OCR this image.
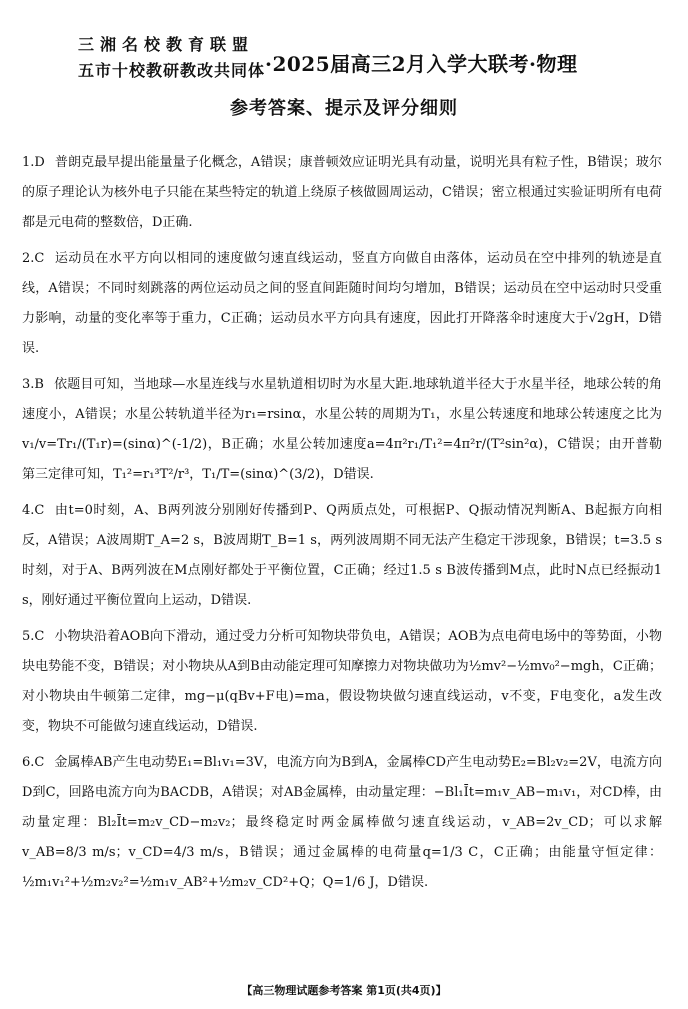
三湘名校教育联盟
五市十校教研教改共同体 ·2025届高三2月入学大联考·物理
参考答案、提示及评分细则
1.D 普朗克最早提出能量量子化概念，A错误；康普顿效应证明光具有动量，说明光具有粒子性，B错误；玻尔的原子理论认为核外电子只能在某些特定的轨道上绕原子核做圆周运动，C错误；密立根通过实验证明所有电荷都是元电荷的整数倍，D正确.
2.C 运动员在水平方向以相同的速度做匀速直线运动，竖直方向做自由落体，运动员在空中排列的轨迹是直线，A错误；不同时刻跳落的两位运动员之间的竖直间距随时间均匀增加，B错误；运动员在空中运动时只受重力影响，动量的变化率等于重力，C正确；运动员水平方向具有速度，因此打开降落伞时速度大于√2gH，D错误.
3.B 依题目可知，当地球—水星连线与水星轨道相切时为水星大距.地球轨道半径大于水星半径，地球公转的角速度小，A错误；水星公转轨道半径为r₁=rsinα，水星公转的周期为T₁，水星公转速度和地球公转速度之比为v₁/v=Tr₁/(T₁r)=(sinα)^(-1/2)，B正确；水星公转加速度a=4π²r₁/T₁²=4π²r/(T²sin²α)，C错误；由开普勒第三定律可知，T₁²=r₁³T²/r³，T₁/T=(sinα)^(3/2)，D错误.
4.C 由t=0时刻，A、B两列波分别刚好传播到P、Q两质点处，可根据P、Q振动情况判断A、B起振方向相反，A错误；A波周期T_A=2 s，B波周期T_B=1 s，两列波周期不同无法产生稳定干涉现象，B错误；t=3.5 s时刻，对于A、B两列波在M点刚好都处于平衡位置，C正确；经过1.5 s B波传播到M点，此时N点已经振动1 s，刚好通过平衡位置向上运动，D错误.
5.C 小物块沿着AOB向下滑动，通过受力分析可知物块带负电，A错误；AOB为点电荷电场中的等势面，小物块电势能不变，B错误；对小物块从A到B由动能定理可知摩擦力对物块做功为½mv²−½mv₀²−mgh，C正确；对小物块由牛顿第二定律，mg−μ(qBv+F电)=ma，假设物块做匀速直线运动，v不变，F电变化，a发生改变，物块不可能做匀速直线运动，D错误.
6.C 金属棒AB产生电动势E₁=Bl₁v₁=3V，电流方向为B到A，金属棒CD产生电动势E₂=Bl₂v₂=2V，电流方向D到C，回路电流方向为BACDB，A错误；对AB金属棒，由动量定理：−Bl₁Īt=m₁v_AB−m₁v₁，对CD棒，由动量定理：Bl₂Īt=m₂v_CD−m₂v₂；最终稳定时两金属棒做匀速直线运动，v_AB=2v_CD；可以求解v_AB=8/3 m/s；v_CD=4/3 m/s，B错误；通过金属棒的电荷量q=1/3 C，C正确；由能量守恒定律：½m₁v₁²+½m₂v₂²=½m₁v_AB²+½m₂v_CD²+Q；Q=1/6 J，D错误.
【高三物理试题参考答案 第1页(共4页)】
